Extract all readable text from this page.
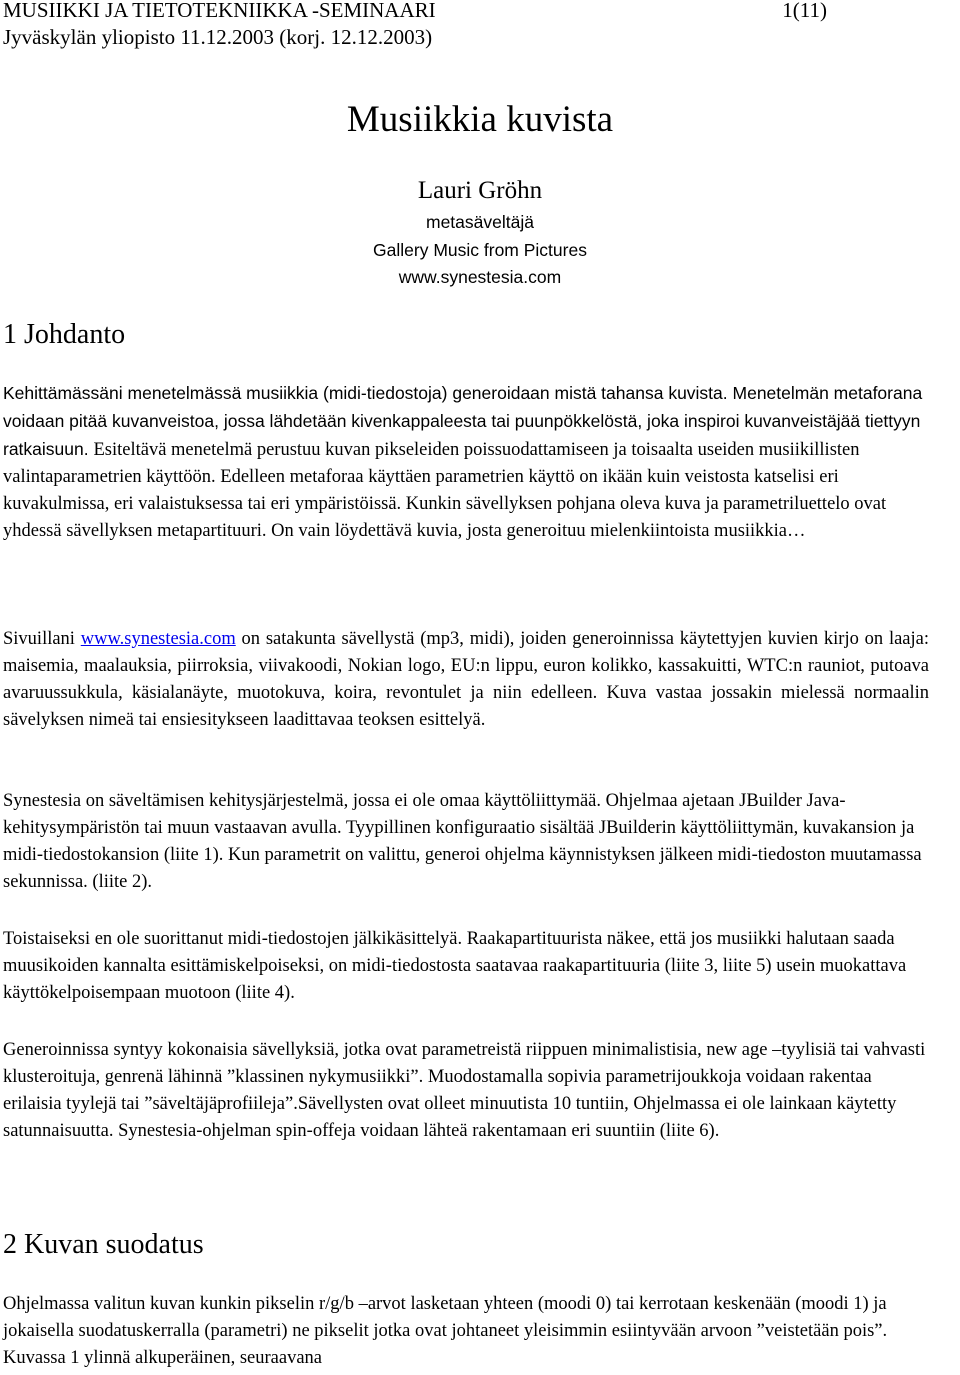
MUSIIKKI JA TIETOTEKNIIKKA -SEMINAARI	1(11)
Jyväskylän yliopisto 11.12.2003 (korj. 12.12.2003)
Musiikkia kuvista
Lauri Gröhn
metasäveltäjä
Gallery Music from Pictures
www.synestesia.com
1 Johdanto
Kehittämässäni menetelmässä musiikkia (midi-tiedostoja) generoidaan mistä tahansa kuvista. Menetelmän metaforana voidaan pitää kuvanveistoa, jossa lähdetään kivenkappaleesta tai puunpökkelöstä, joka inspiroi kuvanveistäjää tiettyyn ratkaisuun. Esiteltävä menetelmä perustuu kuvan pikseleiden poissuodattamiseen ja toisaalta useiden musiikillisten valintaparametrien käyttöön. Edelleen metaforaa käyttäen parametrien käyttö on ikään kuin veistosta katselisi eri kuvakulmissa, eri valaistuksessa tai eri ympäristöissä. Kunkin sävellyksen pohjana oleva kuva ja parametriluettelo ovat yhdessä sävellyksen metapartituuri. On vain löydettävä kuvia, josta generoituu mielenkiintoista musiikkia…
Sivuillani www.synestesia.com on satakunta sävellystä (mp3, midi), joiden generoinnissa käytettyjen kuvien kirjo on laaja: maisemia, maalauksia, piirroksia, viivakoodi, Nokian logo, EU:n lippu, euron kolikko, kassakuitti, WTC:n rauniot, putoava avaruussukkula, käsialanäyte, muotokuva, koira, revontulet ja niin edelleen. Kuva vastaa jossakin mielessä normaalin sävelyksen nimeä tai ensiesitykseen laadittavaa teoksen esittelyä.
Synestesia on säveltämisen kehitysjärjestelmä, jossa ei ole omaa käyttöliittymää. Ohjelmaa ajetaan JBuilder Java-kehitysympäristön tai muun vastaavan avulla. Tyypillinen konfiguraatio sisältää JBuilderin käyttöliittymän, kuvakansion ja midi-tiedostokansion (liite 1). Kun parametrit on valittu, generoi ohjelma käynnistyksen jälkeen midi-tiedoston muutamassa sekunnissa. (liite 2).
Toistaiseksi en ole suorittanut midi-tiedostojen jälkikäsittelyä. Raakapartituurista näkee, että jos musiikki halutaan saada muusikoiden kannalta esittämiskelpoiseksi, on midi-tiedostosta saatavaa raakapartituuria (liite 3, liite 5) usein muokattava käyttökelpoisempaan muotoon (liite 4).
Generoinnissa syntyy kokonaisia sävellyksiä, jotka ovat parametreistä riippuen minimalistisia, new age –tyylisiä tai vahvasti klusteroituja, genrenä lähinnä ”klassinen nykymusiikki”. Muodostamalla sopivia parametrijoukkoja voidaan rakentaa erilaisia tyylejä tai ”säveltäjäprofiileja”.Sävellysten ovat olleet minuutista 10 tuntiin, Ohjelmassa ei ole lainkaan käytetty satunnaisuutta. Synestesia-ohjelman spin-offeja voidaan lähteä rakentamaan eri suuntiin (liite 6).
2 Kuvan suodatus
Ohjelmassa valitun kuvan kunkin pikselin r/g/b –arvot lasketaan yhteen (moodi 0) tai kerrotaan keskenään (moodi 1) ja jokaisella suodatuskerralla (parametri) ne pikselit jotka ovat johtaneet yleisimmin esiintyvään arvoon ”veistetään pois”. Kuvassa 1 ylinnä alkuperäinen, seuraavana
